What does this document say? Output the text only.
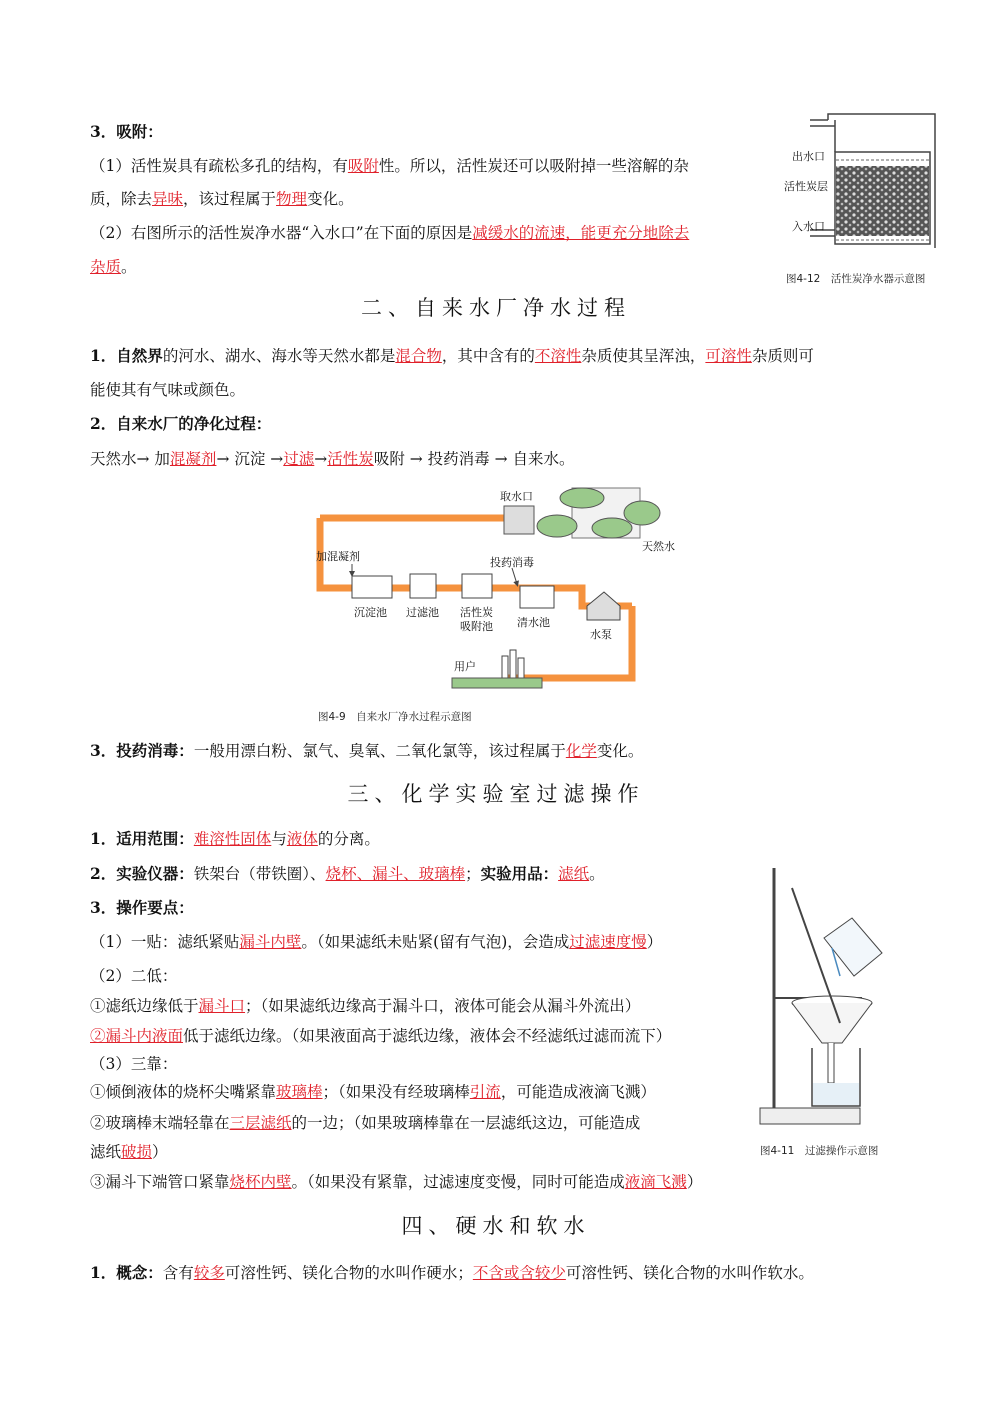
3．吸附：
（1）活性炭具有疏松多孔的结构，有吸附性。所以，活性炭还可以吸附掉一些溶解的杂
质，除去异味，该过程属于物理变化。
（2）右图所示的活性炭净水器“入水口”在下面的原因是减缓水的流速，能更充分地除去
杂质。
出水口
活性炭层
入水口
图4-12　活性炭净水器示意图
二、自来水厂净水过程
1．自然界的河水、湖水、海水等天然水都是混合物，其中含有的不溶性杂质使其呈浑浊，可溶性杂质则可
能使其有气味或颜色。
2．自来水厂的净化过程：
天然水→ 加混凝剂→ 沉淀 →过滤→活性炭吸附 → 投药消毒 → 自来水。
取水口
天然水
加混凝剂	投药消毒
沉淀池 过滤池 活性炭
吸附池 清水池
水泵
用户
图4-9　自来水厂净水过程示意图
3．投药消毒：一般用漂白粉、氯气、臭氧、二氧化氯等，该过程属于化学变化。
三、化学实验室过滤操作
1．适用范围：难溶性固体与液体的分离。
2．实验仪器：铁架台（带铁圈）、烧杯、漏斗、玻璃棒；实验用品：滤纸。
3．操作要点：
（1）一贴：滤纸紧贴漏斗内壁。（如果滤纸未贴紧(留有气泡)，会造成过滤速度慢）
（2）二低：
①滤纸边缘低于漏斗口；（如果滤纸边缘高于漏斗口，液体可能会从漏斗外流出）
②漏斗内液面低于滤纸边缘。（如果液面高于滤纸边缘，液体会不经滤纸过滤而流下）
（3）三靠：
①倾倒液体的烧杯尖嘴紧靠玻璃棒；（如果没有经玻璃棒引流，可能造成液滴飞溅）
②玻璃棒末端轻靠在三层滤纸的一边；（如果玻璃棒靠在一层滤纸这边，可能造成
滤纸破损）
③漏斗下端管口紧靠烧杯内壁。（如果没有紧靠，过滤速度变慢，同时可能造成液滴飞溅）
图4-11　过滤操作示意图
四、硬水和软水
1．概念：含有较多可溶性钙、镁化合物的水叫作硬水；不含或含较少可溶性钙、镁化合物的水叫作软水。
